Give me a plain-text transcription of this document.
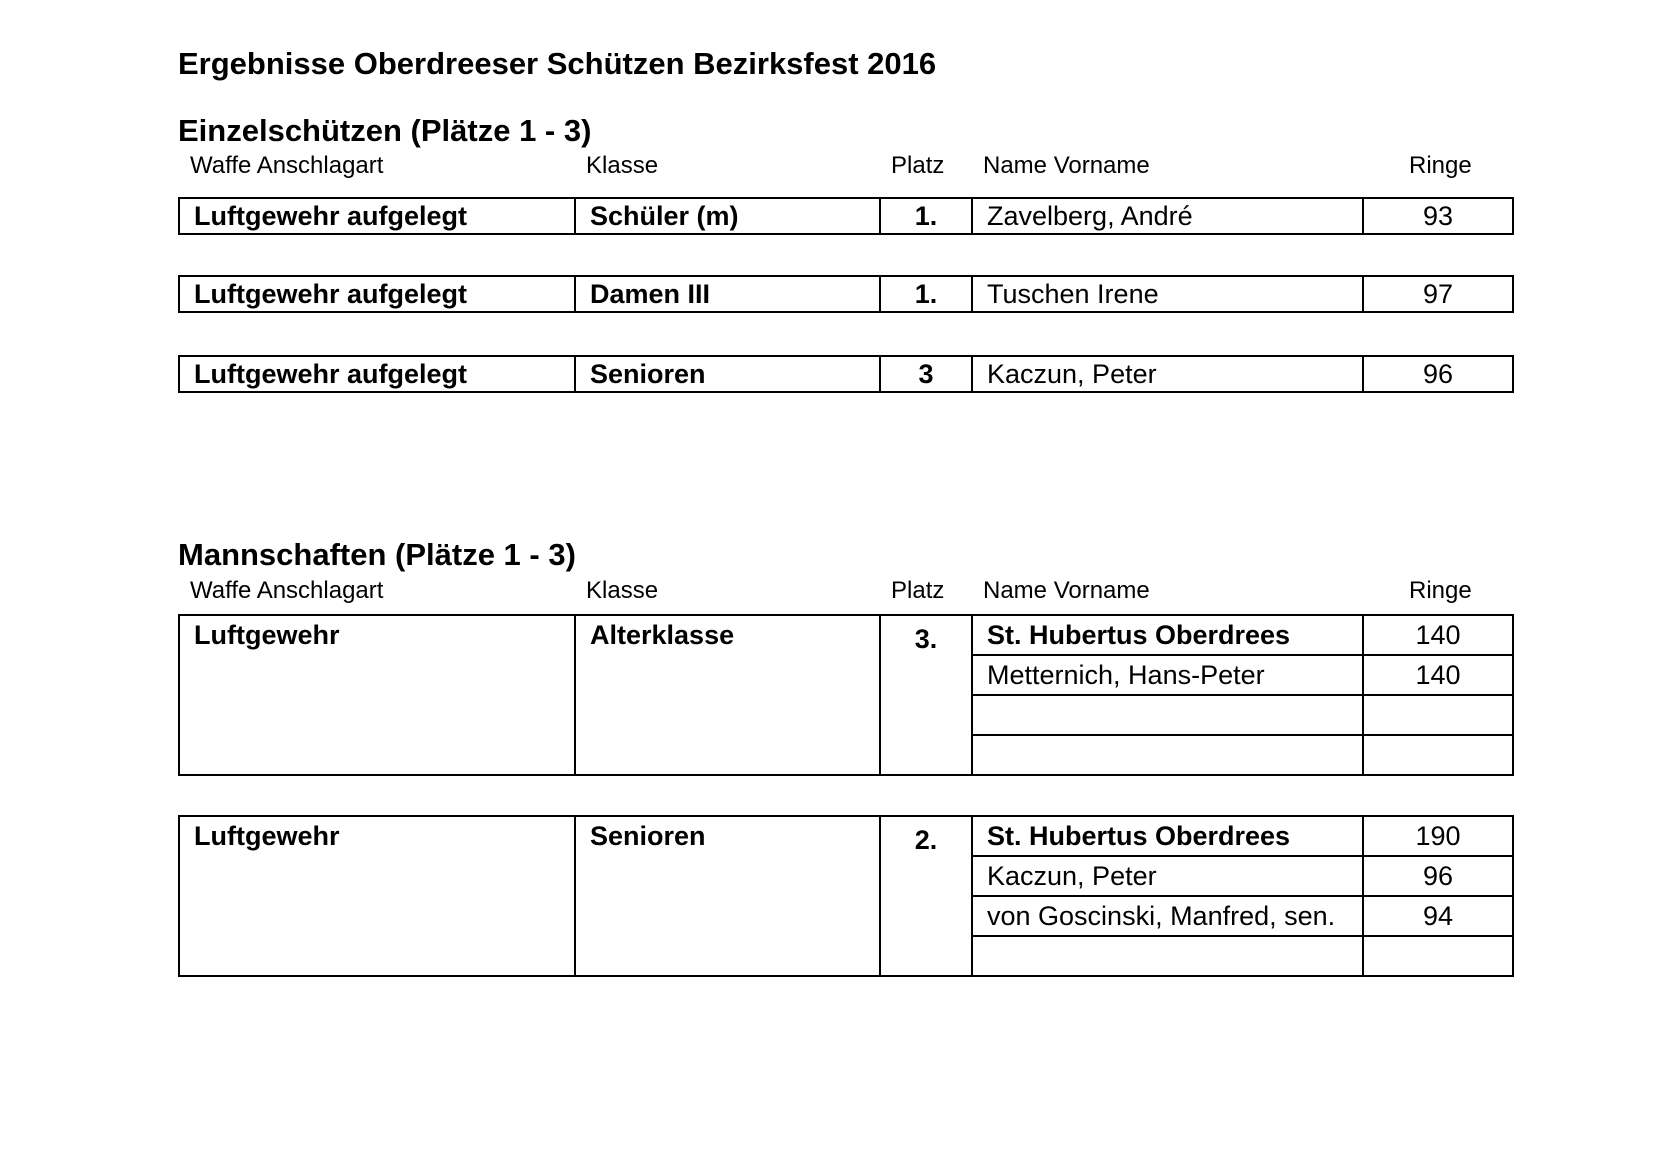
Ergebnisse Oberdreeser Schützen Bezirksfest 2016
Einzelschützen (Plätze 1 - 3)
Waffe Anschlagart	Klasse	Platz Name Vorname	Ringe
Luftgewehr aufgelegt	Schüler (m)	1.	Zavelberg, André	93
Luftgewehr aufgelegt	Damen III	1.	Tuschen Irene	97
Luftgewehr aufgelegt	Senioren	3	Kaczun, Peter	96
Mannschaften (Plätze 1 - 3)
Waffe Anschlagart	Klasse	Platz Name Vorname	Ringe
Luftgewehr	Alterklasse	3.	St. Hubertus Oberdrees	140
			Metternich, Hans-Peter	140

Luftgewehr	Senioren	2.	St. Hubertus Oberdrees	190
			Kaczun, Peter	96
			von Goscinski, Manfred, sen.	94
